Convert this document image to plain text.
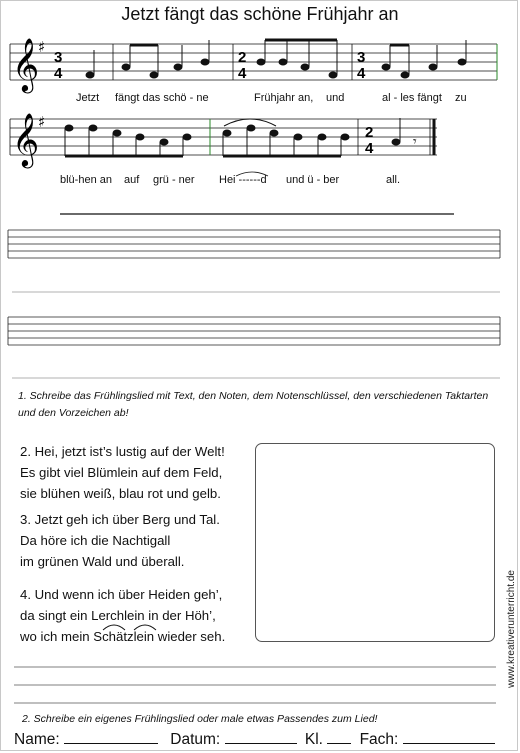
Jetzt fängt das schöne Frühjahr an
𝄞
♯
3
4
2
4
3
4
Jetzt fängt das schö - ne	Frühjahr an, und	al - les fängt zu
𝄞
♯
2
4	𝄾
blü-hen an auf grü - ner Hei ------d und ü - ber	all.
1. Schreibe das Frühlingslied mit Text, den Noten, dem Notenschlüssel, den verschiedenen Taktarten und den Vorzeichen ab!
2. Hei, jetzt ist’s lustig auf der Welt!
Es gibt viel Blümlein auf dem Feld,
sie blühen weiß, blau rot und gelb.
3. Jetzt geh ich über Berg und Tal.
Da höre ich die Nachtigall
im grünen Wald und überall.
4. Und wenn ich über Heiden geh’,
da singt ein Lerchlein in der Höh’,
wo ich mein Schätzlein wieder seh.
2. Schreibe ein eigenes Frühlingslied oder male etwas Passendes zum Lied!
www.kreativerunterricht.de
Name:	Datum:	Kl. Fach:
